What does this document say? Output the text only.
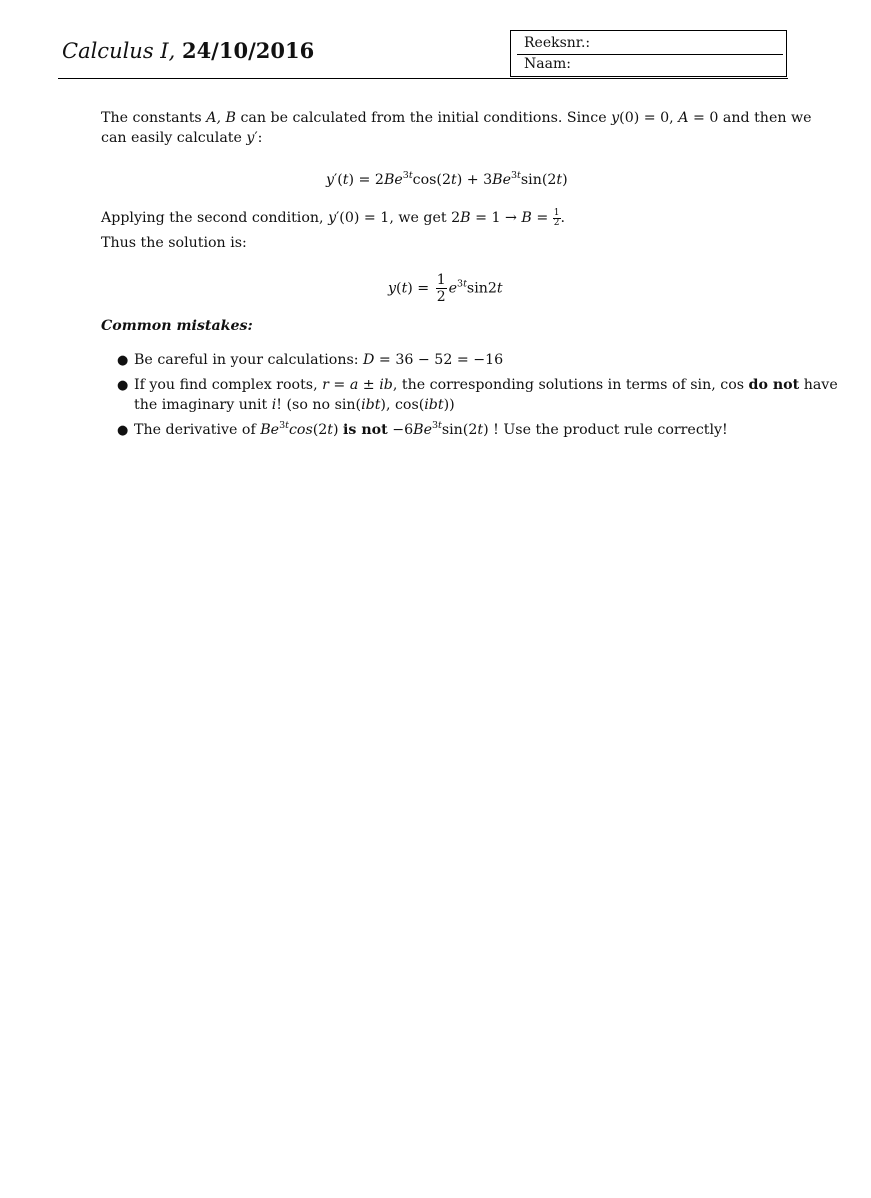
Calculus I, 24/10/2016	Reeksnr.:
Naam:
The constants A, B can be calculated from the initial conditions. Since y(0) = 0, A = 0 and then we
can easily calculate y′:
$y'(t) = 2Be^{3t}\cos(2t) + 3Be^{3t}\sin(2t)$
Applying the second condition, y′(0) = 1, we get $2B = 1 \to B = \frac{1}{2}$ .
Thus the solution is:
$y(t) = \frac{1}{2} e^{3t}\sin 2t$
Common mistakes:
● Be careful in your calculations: D = 36 − 52 = −16
● If you find complex roots, r = a ± ib, the corresponding solutions in terms of sin, cos do not have
the imaginary unit i! (so no sin(ibt), cos(ibt))
● The derivative of $Be^{3t}\cos(2t)$ is not $-6Be^{3t}\sin(2t)$ ! Use the product rule correctly!
